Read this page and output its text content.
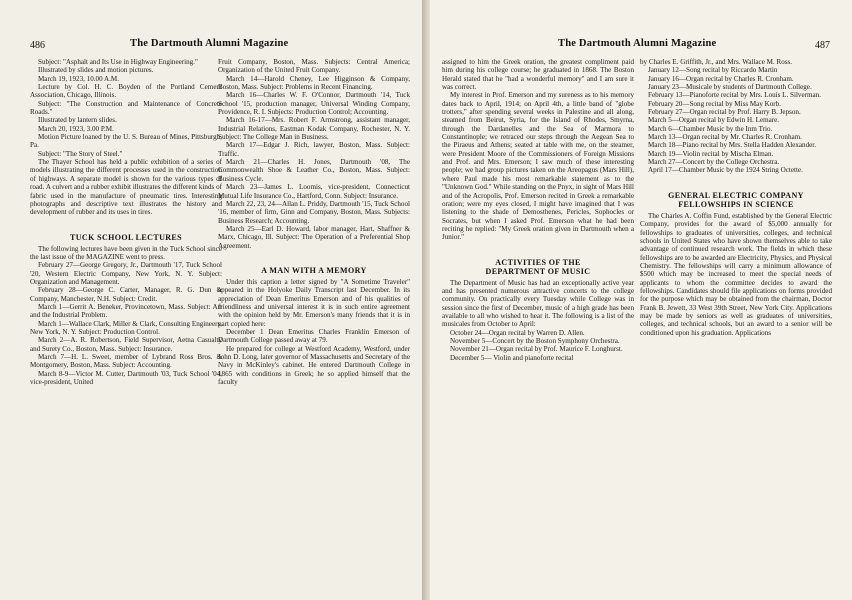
486	The Dartmouth Alumni Magazine

Subject: "Asphalt and Its Use in Highway Engineering."

Illustrated by slides and motion pictures.

March 19, 1923, 10.00 A.M.

Lecture by Col. H. C. Boyden of the Portland Cement Association, Chicago, Illinois.

Subject: "The Construction and Maintenance of Concrete Roads."

Illustrated by lantern slides.

March 20, 1923, 3.00 P.M.

Motion Picture loaned by the U. S. Bureau of Mines, Pittsburgh, Pa.

Subject: "The Story of Steel."

The Thayer School has held a public exhibition of a series of models illustrating the different processes used in the construction of highways. A separate model is shown for the various types of road. A culvert and a rubber exhibit illustrates the different kinds of fabric used in the manufacture of pneumatic tires. Interesting photographs and descriptive text illustrates the history and development of rubber and its uses in tires.

TUCK SCHOOL LECTURES

The following lectures have been given in the Tuck School since the last issue of the MAGAZINE went to press.

February 27—George Gregory, Jr., Dartmouth '17, Tuck School '20, Western Electric Company, New York, N. Y. Subject: Organization and Management.

February 28—George C. Carter, Manager, R. G. Dun & Company, Manchester, N.H. Subject: Credit.

March 1—Gerrit A. Beneker, Provincetown, Mass. Subject: Art and the Industrial Problem.

March 1—Wallace Clark, Miller & Clark, Consulting Engineers, New York, N. Y. Subject: Production Control.

March 2—A. R. Robertson, Field Supervisor, Aetna Casualty and Surety Co., Boston, Mass. Subject: Insurance.

March 7—H. L. Sweet, member of Lybrand Ross Bros. & Montgomery, Boston, Mass. Subject: Accounting.

March 8-9—Victor M. Cutter, Dartmouth '03, Tuck School '04, vice-president, United

Fruit Company, Boston, Mass. Subjects: Central America; Organization of the United Fruit Company.

March 14—Harold Cheney, Lee Higginson & Company, Boston, Mass. Subject: Problems in Recent Financing.

March 16—Charles W. F. O'Connor, Dartmouth '14, Tuck School '15, production manager, Universal Winding Company, Providence, R. I. Subjects: Production Control; Accounting.

March 16-17—Mrs. Robert F. Armstrong, assistant manager, Industrial Relations, Eastman Kodak Company, Rochester, N. Y. Subject: The College Man in Business.

March 17—Edgar J. Rich, lawyer, Boston, Mass. Subject: Traffic.

March 21—Charles H. Jones, Dartmouth '08, The Commonwealth Shoe & Leather Co., Boston, Mass. Subject: Business Cycle.

March 23—James L. Loomis, vice-president, Connecticut Mutual Life Insurance Co., Hartford, Conn. Subject: Insurance.

March 22, 23, 24—Allan L. Priddy, Dartmouth '15, Tuck School '16, member of firm, Ginn and Company, Boston, Mass. Subjects: Business Research; Accounting.

March 25—Earl D. Howard, labor manager, Hart, Shaffner & Marx, Chicago, Ill. Subject: The Operation of a Preferential Shop Agreement.

A MAN WITH A MEMORY

Under this caption a letter signed by "A Sometime Traveler" appeared in the Holyoke Daily Transcript last December. In its appreciation of Dean Emeritus Emerson and of his qualities of friendliness and universal interest it is in such entire agreement with the opinion held by Mr. Emerson's many friends that it is in part copied here:

December 1 Dean Emeritus Charles Franklin Emerson of Dartmouth College passed away at 79.

He prepared for college at Westford Academy, Westford, under John D. Long, later governor of Massachusetts and Secretary of the Navy in McKinley's cabinet. He entered Dartmouth College in 1865 with conditions in Greek; he so applied himself that the faculty

The Dartmouth Alumni Magazine	487

assigned to him the Greek oration, the greatest compliment paid him during his college course; he graduated in 1868. The Boston Herald stated that he "had a wonderful memory" and I am sure it was correct.

My interest in Prof. Emerson and my sureness as to his memory dates back to April, 1914; on April 4th, a little band of "globe trotters," after spending several weeks in Palestine and all along, steamed from Beirut, Syria, for the Island of Rhodes, Smyrna, through the Dardanelles and the Sea of Marmora to Constantinople; we retraced our steps through the Aegean Sea to the Piraeus and Athens; seated at table with me, on the steamer, were President Moore of the Commissioners of Foreign Missions and Prof. and Mrs. Emerson; I saw much of these interesting people; we had group pictures taken on the Areopagus (Mars Hill), where Paul made his most remarkable statement as to the "Unknown God." While standing on the Pnyx, in sight of Mars Hill and of the Acropolis, Prof. Emerson recited in Greek a remarkable oration; were my eyes closed, I might have imagined that I was listening to the shade of Demosthenes, Pericles, Sophocles or Socrates, but when I asked Prof. Emerson what he had been reciting he replied: "My Greek oration given in Dartmouth when a Junior."

ACTIVITIES OF THE
DEPARTMENT OF MUSIC

The Department of Music has had an exceptionally active year and has presented numerous attractive concerts to the college community. On practically every Tuesday while College was in session since the first of December, music of a high grade has been available to all who wished to hear it. The following is a list of the musicales from October to April:

October 24—Organ recital by Warren D. Allen.

November 5—Concert by the Boston Symphony Orchestra.

November 21—Organ recital by Prof. Maurice F. Longhurst.

December 5— Violin and pianoforte recital

by Charles E. Griffith, Jr., and Mrs. Wallace M. Ross.

January 12—Song recital by Riccardo Martin

January 16—Organ recital by Charles R. Cronham.

January 23—Musicale by students of Dartmouth College.

February 13—Pianoforte recital by Mrs. Louis L. Silverman.

February 20—Song recital by Miss May Korb.

February 27—Organ recital by Prof. Harry B. Jepson.

March 5—Organ recital by Edwin H. Lemare.

March 6—Chamber Music by the Inm Trio.

March 13—Organ recital by Mr. Charles R. Cronham.

March 18—Piano recital by Mrs. Stella Hadden Alexander.

March 19—Violin recital by Mischa Elman.

March 27—Concert by the College Orchestra.

April 17—Chamber Music by the 1924 String Octette.

GENERAL ELECTRIC COMPANY
FELLOWSHIPS IN SCIENCE

The Charles A. Coffin Fund, established by the General Electric Company, provides for the award of $5,000 annually for fellowships to graduates of universities, colleges, and technical schools in United States who have shown themselves able to take advantage of continued research work. The fields in which these fellowships are to be awarded are Electricity, Physics, and Physical Chemistry. The fellowships will carry a minimum allowance of $500 which may be increased to meet the special needs of applicants to whom the committee decides to award the fellowships. Candidates should file applications on forms provided for the purpose which may be obtained from the chairman, Doctor Frank B. Jewett, 33 West 39th Street, New York City. Applications may be made by seniors as well as graduates of universities, colleges, and technical schools, but an award to a senior will be conditioned upon his graduation. Applications
